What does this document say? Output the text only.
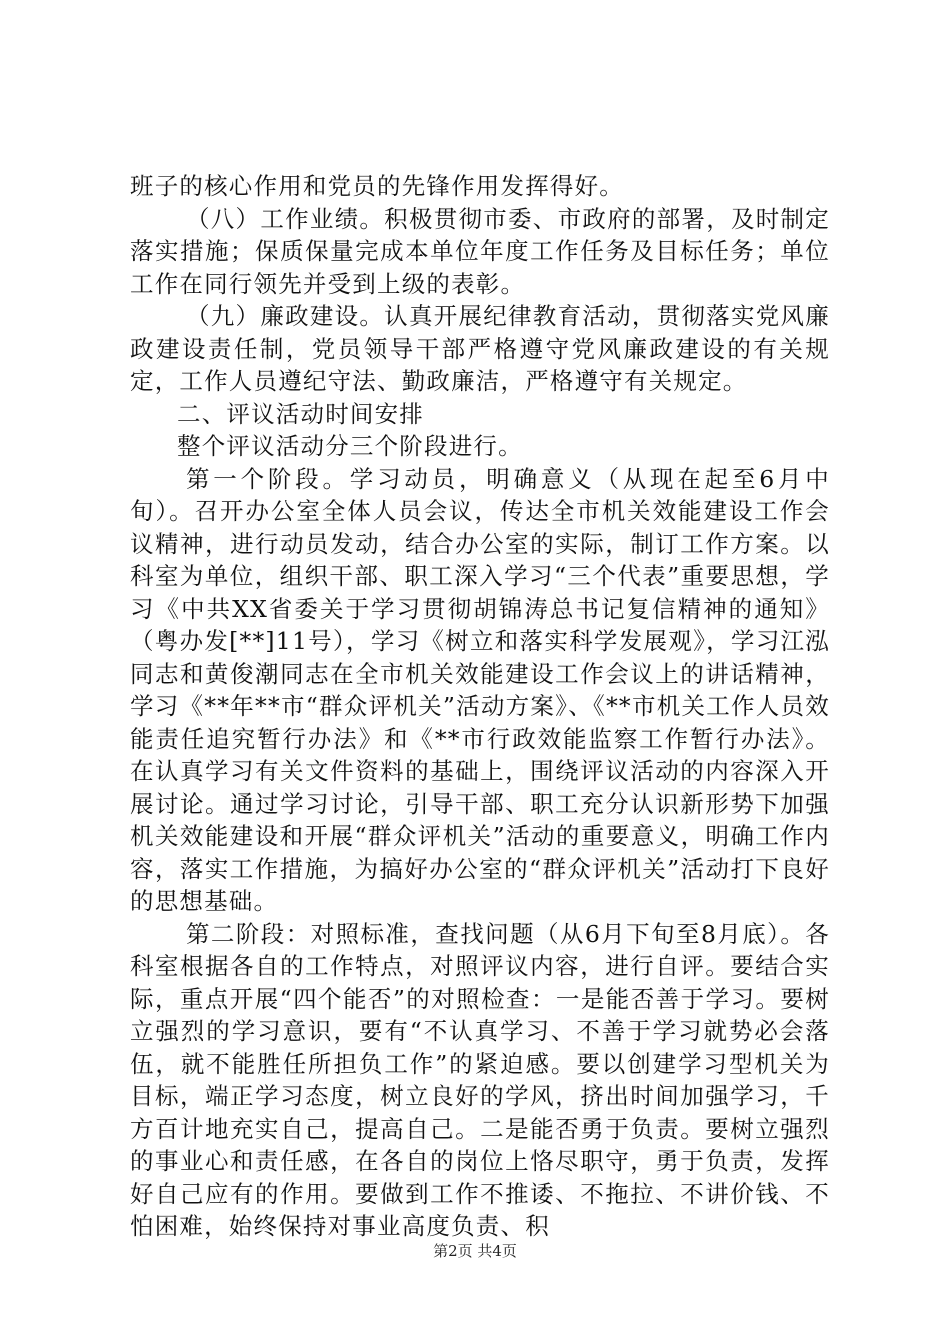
班子的核心作用和党员的先锋作用发挥得好。

（八）工作业绩。积极贯彻市委、市政府的部署，及时制定落实措施；保质保量完成本单位年度工作任务及目标任务；单位工作在同行领先并受到上级的表彰。

（九）廉政建设。认真开展纪律教育活动，贯彻落实党风廉政建设责任制，党员领导干部严格遵守党风廉政建设的有关规定，工作人员遵纪守法、勤政廉洁，严格遵守有关规定。

二、评议活动时间安排

整个评议活动分三个阶段进行。

第一个阶段。学习动员，明确意义（从现在起至6月中旬）。召开办公室全体人员会议，传达全市机关效能建设工作会议精神，进行动员发动，结合办公室的实际，制订工作方案。以科室为单位，组织干部、职工深入学习“三个代表”重要思想，学习《中共XX省委关于学习贯彻胡锦涛总书记复信精神的通知》（粤办发[**]11号），学习《树立和落实科学发展观》，学习江泓同志和黄俊潮同志在全市机关效能建设工作会议上的讲话精神，学习《**年**市“群众评机关”活动方案》、《**市机关工作人员效能责任追究暂行办法》和《**市行政效能监察工作暂行办法》。在认真学习有关文件资料的基础上，围绕评议活动的内容深入开展讨论。通过学习讨论，引导干部、职工充分认识新形势下加强机关效能建设和开展“群众评机关”活动的重要意义，明确工作内容，落实工作措施，为搞好办公室的“群众评机关”活动打下良好的思想基础。

第二阶段：对照标准，查找问题（从6月下旬至8月底）。各科室根据各自的工作特点，对照评议内容，进行自评。要结合实际，重点开展“四个能否”的对照检查：一是能否善于学习。要树立强烈的学习意识，要有“不认真学习、不善于学习就势必会落伍，就不能胜任所担负工作”的紧迫感。要以创建学习型机关为目标，端正学习态度，树立良好的学风，挤出时间加强学习，千方百计地充实自己，提高自己。二是能否勇于负责。要树立强烈的事业心和责任感，在各自的岗位上恪尽职守，勇于负责，发挥好自己应有的作用。要做到工作不推诿、不拖拉、不讲价钱、不怕困难，始终保持对事业高度负责、积

第2页 共4页
